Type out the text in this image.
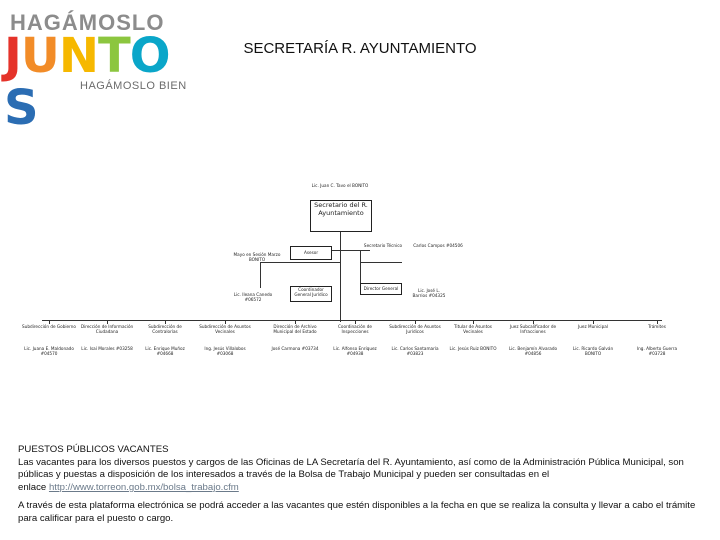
HAGÁMOSLO
JUNTOS	HAGÁMOSLO BIEN
SECRETARÍA R. AYUNTAMIENTO
Lic. Juan C. Tavo el BONITO
Secretario del R. Ayuntamiento
Asesor
Secretario Técnico	Carlos Campos #04506
Mayo en Sesión Marzo BONITO
Lic. Ileana Canedo #06572
Coordinador General Jurídico
Director General	Lic. José L. Barrios #04325
Subdirección de Gobierno
Lic. Juana E. Maldonado #04570
Dirección de Información Ciudadana
Lic. Isaí Morales #03258
Subdirección de Contralorías
Lic. Enrique Muñoz #04668
Subdirección de Asuntos Vecinales
Ing. Jesús Villalobos #03068
Dirección de Archivo Municipal del Estado
José Carmona #03734
Coordinación de Inspecciones
Lic. Alfonso Enríquez #04938
Subdirección de Asuntos Jurídicos
Lic. Carlos Santamaría #03823
Titular de Asuntos Vecinales
Lic. Jesús Ruiz BONITO
Juez Subcalificador de Infracciones
Lic. Benjamín Alvarado #04856
Juez Municipal
Lic. Ricardo Galván BONITO
Trámites
Ing. Alberto Guerra #03728

PUESTOS PÚBLICOS VACANTES
Las vacantes para los diversos puestos y cargos de las Oficinas de LA Secretaría del R. Ayuntamiento, así como de la Administración Pública Municipal, son públicas y puestas a disposición de los interesados a través de la Bolsa de Trabajo Municipal y pueden ser consultadas en el
enlace http://www.torreon.gob.mx/bolsa_trabajo.cfm

A través de esta plataforma electrónica se podrá acceder a las vacantes que estén disponibles a la fecha en que se realiza la consulta y llevar a cabo el trámite para calificar para el puesto o cargo.
